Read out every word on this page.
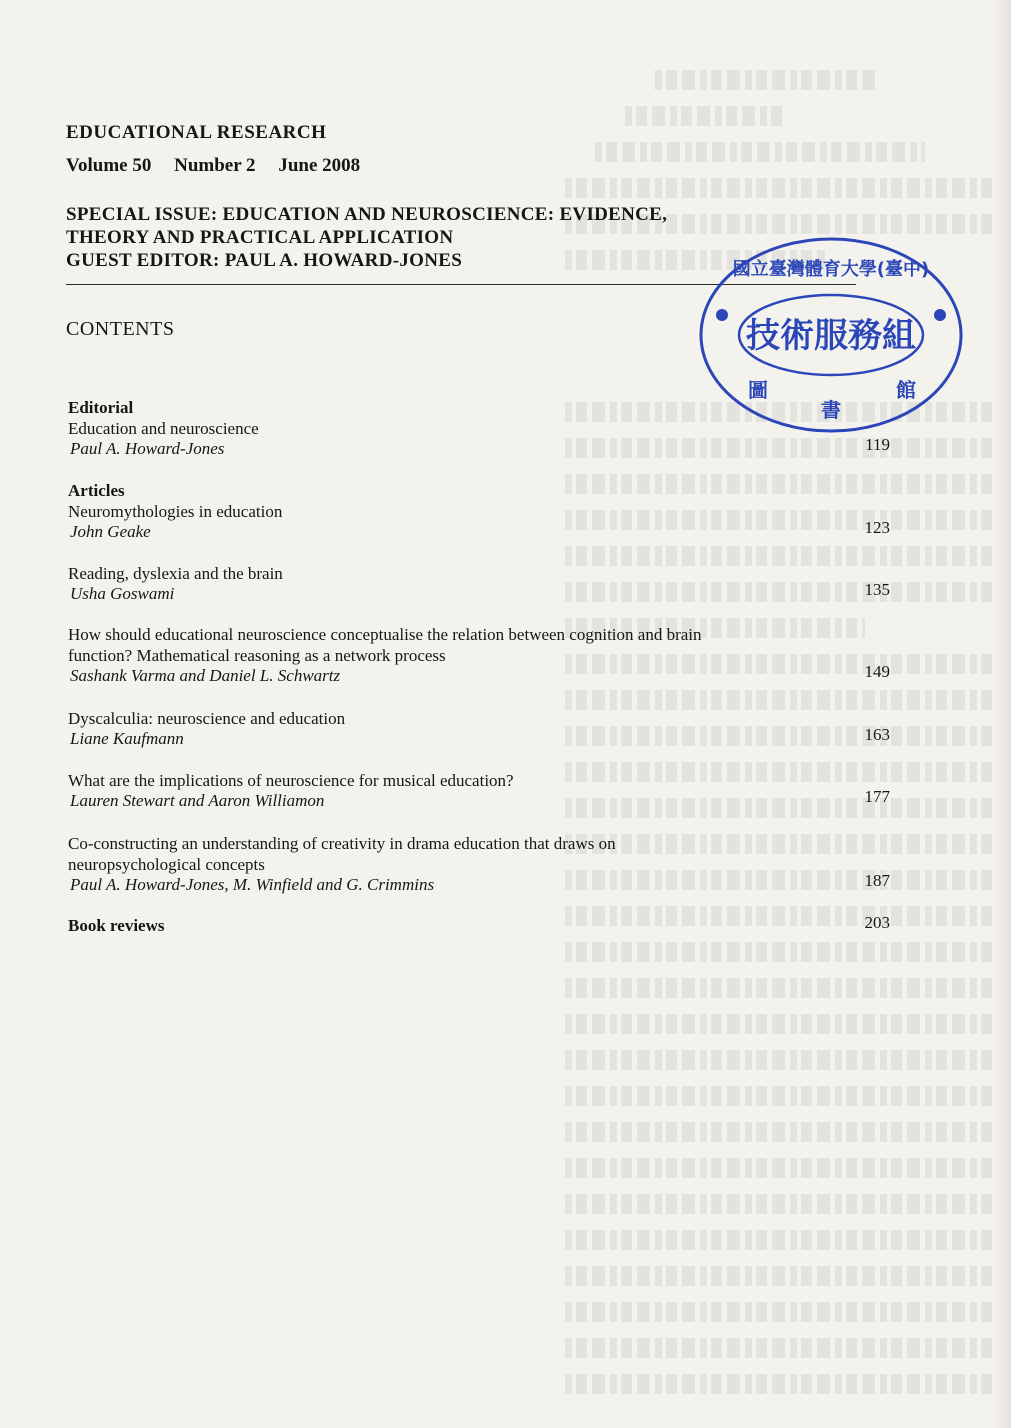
EDUCATIONAL RESEARCH
Volume 50 Number 2 June 2008
SPECIAL ISSUE: EDUCATION AND NEUROSCIENCE: EVIDENCE,
THEORY AND PRACTICAL APPLICATION
GUEST EDITOR: PAUL A. HOWARD-JONES
CONTENTS
Editorial
Education and neuroscience
Paul A. Howard-Jones	119
Articles
Neuromythologies in education
John Geake	123
Reading, dyslexia and the brain
Usha Goswami	135
How should educational neuroscience conceptualise the relation between cognition and brain
function? Mathematical reasoning as a network process
Sashank Varma and Daniel L. Schwartz	149
Dyscalculia: neuroscience and education
Liane Kaufmann	163
What are the implications of neuroscience for musical education?
Lauren Stewart and Aaron Williamon	177
Co-constructing an understanding of creativity in drama education that draws on
neuropsychological concepts
Paul A. Howard-Jones, M. Winfield and G. Crimmins	187
Book reviews	203
國立臺灣體育大學(臺中)
技術服務組
圖
書
館
